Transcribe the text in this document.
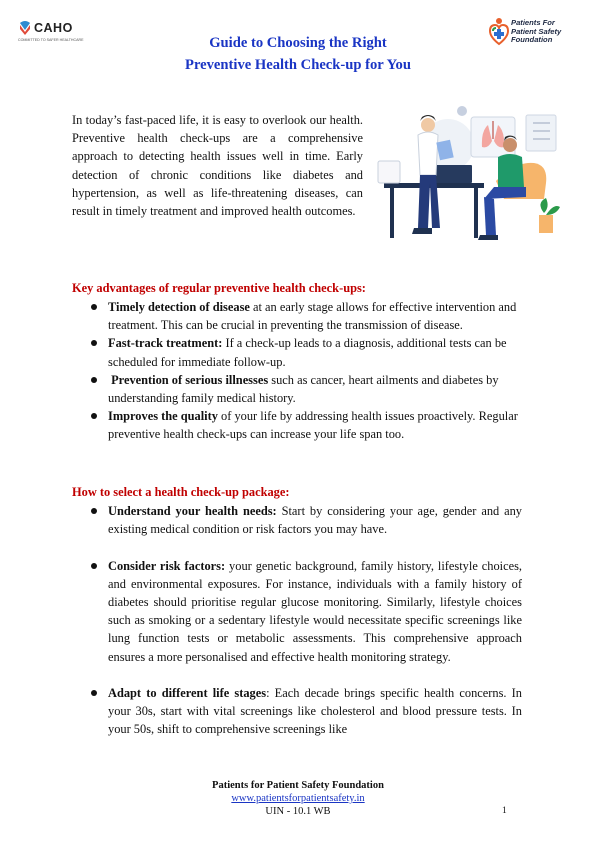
CAHO
COMMITTED TO SAFER HEALTHCARE
Patients For
Patient Safety
Foundation
Guide to Choosing the Right
Preventive Health Check-up for You

In today’s fast-paced life, it is easy to overlook our health. Preventive health check-ups are a comprehensive approach to detecting health issues well in time. Early detection of chronic conditions like diabetes and hypertension, as well as life-threatening diseases, can result in timely treatment and improved health outcomes.

Key advantages of regular preventive health check-ups:
Timely detection of disease at an early stage allows for effective intervention and treatment. This can be crucial in preventing the transmission of disease.
Fast-track treatment: If a check-up leads to a diagnosis, additional tests can be scheduled for immediate follow-up.
Prevention of serious illnesses such as cancer, heart ailments and diabetes by understanding family medical history.
Improves the quality of your life by addressing health issues proactively. Regular preventive health check-ups can increase your life span too.
How to select a health check-up package:
Understand your health needs: Start by considering your age, gender and any existing medical condition or risk factors you may have.
Consider risk factors: your genetic background, family history, lifestyle choices, and environmental exposures. For instance, individuals with a family history of diabetes should prioritise regular glucose monitoring. Similarly, lifestyle choices such as smoking or a sedentary lifestyle would necessitate specific screenings like lung function tests or metabolic assessments. This comprehensive approach ensures a more personalised and effective health monitoring strategy.
Adapt to different life stages: Each decade brings specific health concerns. In your 30s, start with vital screenings like cholesterol and blood pressure tests. In your 50s, shift to comprehensive screenings like
Patients for Patient Safety Foundation
www.patientsforpatientsafety.in
UIN - 10.1 WB	1
